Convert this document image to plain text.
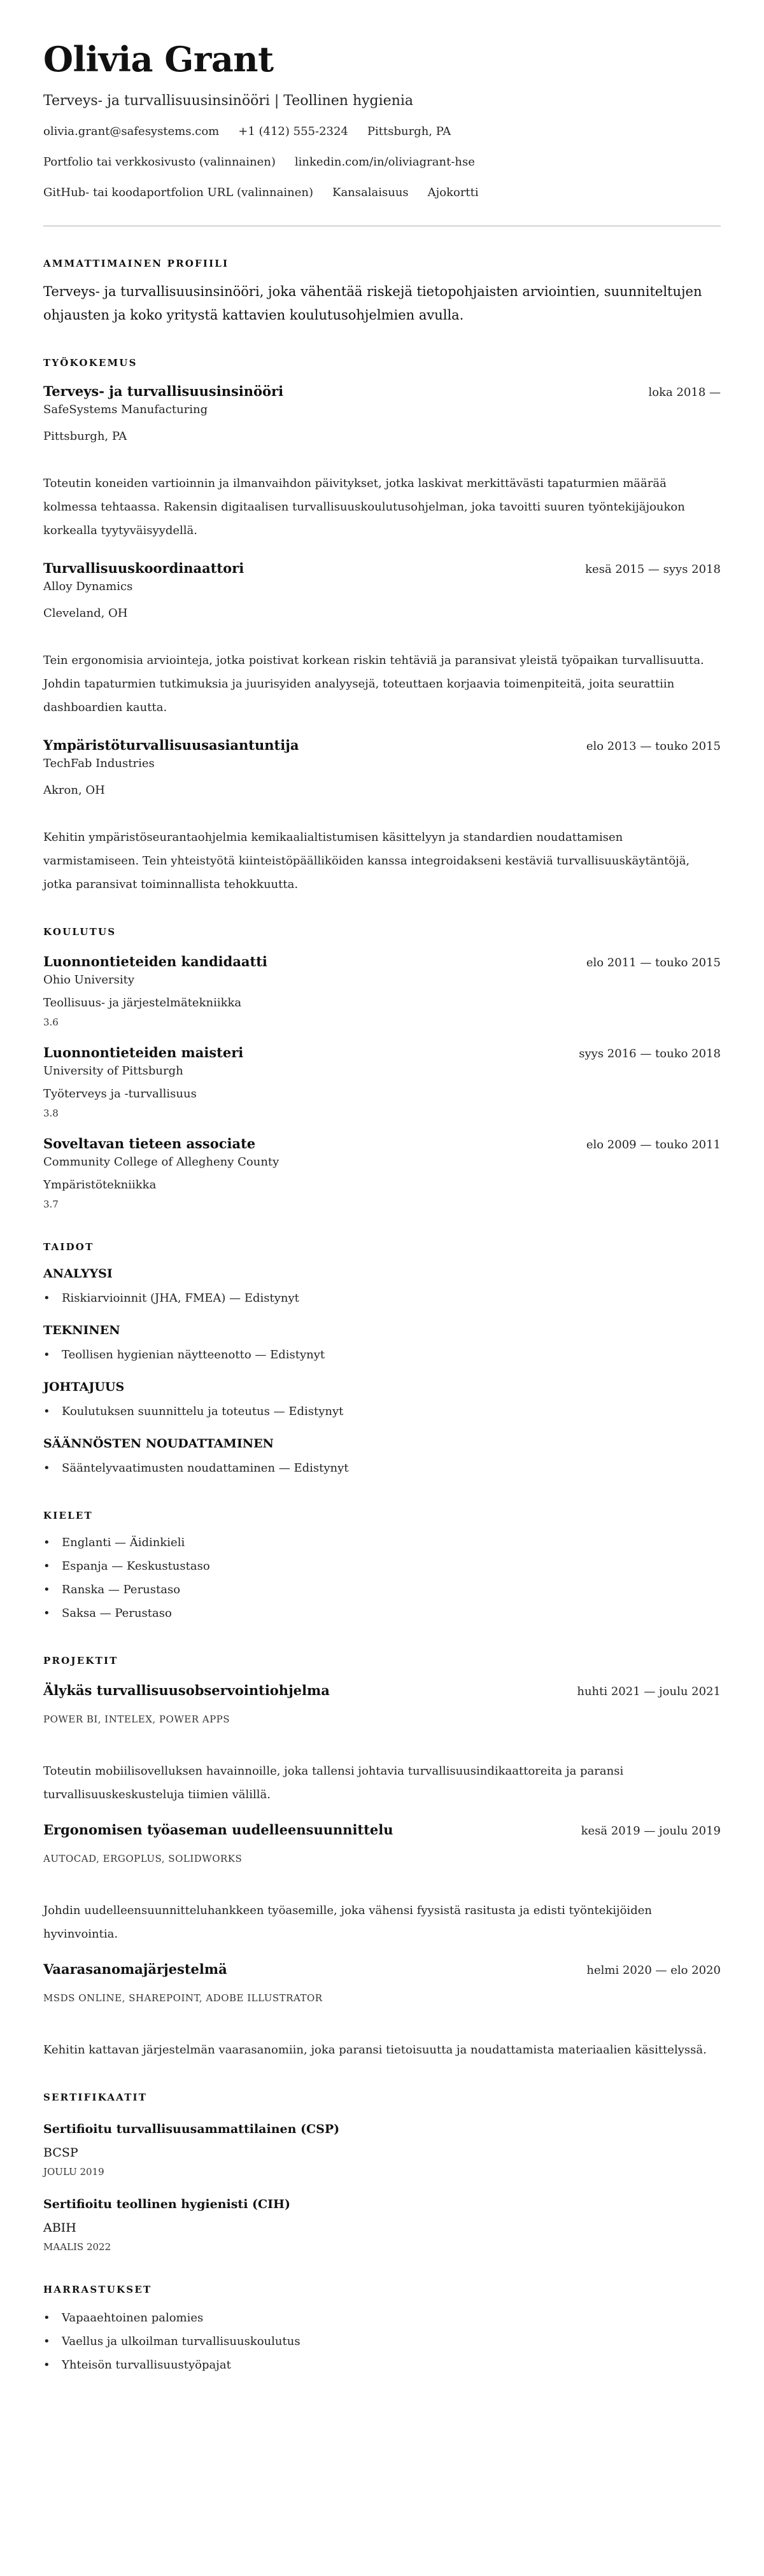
Olivia Grant
Terveys- ja turvallisuusinsinööri | Teollinen hygienia
olivia.grant@safesystems.com +1 (412) 555-2324 Pittsburgh, PA
Portfolio tai verkkosivusto (valinnainen) linkedin.com/in/oliviagrant-hse
GitHub- tai koodaportfolion URL (valinnainen) Kansalaisuus Ajokortti
AMMATTIMAINEN PROFIILI

Terveys- ja turvallisuusinsinööri, joka vähentää riskejä tietopohjaisten arviointien, suunniteltujen ohjausten ja koko yritystä kattavien koulutusohjelmien avulla.

TYÖKOKEMUS
Terveys- ja turvallisuusinsinööri	loka 2018 —
SafeSystems Manufacturing
Pittsburgh, PA

Toteutin koneiden vartioinnin ja ilmanvaihdon päivitykset, jotka laskivat merkittävästi tapaturmien määrää kolmessa tehtaassa. Rakensin digitaalisen turvallisuuskoulutusohjelman, joka tavoitti suuren työntekijäjoukon korkealla tyytyväisyydellä.

Turvallisuuskoordinaattori	kesä 2015 — syys 2018
Alloy Dynamics
Cleveland, OH

Tein ergonomisia arviointeja, jotka poistivat korkean riskin tehtäviä ja paransivat yleistä työpaikan turvallisuutta. Johdin tapaturmien tutkimuksia ja juurisyiden analyysejä, toteuttaen korjaavia toimenpiteitä, joita seurattiin dashboardien kautta.

Ympäristöturvallisuusasiantuntija	elo 2013 — touko 2015
TechFab Industries
Akron, OH

Kehitin ympäristöseurantaohjelmia kemikaalialtistumisen käsittelyyn ja standardien noudattamisen varmistamiseen. Tein yhteistyötä kiinteistöpäälliköiden kanssa integroidakseni kestäviä turvallisuuskäytäntöjä, jotka paransivat toiminnallista tehokkuutta.

KOULUTUS
Luonnontieteiden kandidaatti	elo 2011 — touko 2015
Ohio University
Teollisuus- ja järjestelmätekniikka
3.6
Luonnontieteiden maisteri	syys 2016 — touko 2018
University of Pittsburgh
Työterveys ja -turvallisuus
3.8
Soveltavan tieteen associate	elo 2009 — touko 2011
Community College of Allegheny County
Ympäristötekniikka
3.7
TAIDOT
ANALYYSI
• Riskiarvioinnit (JHA, FMEA) — Edistynyt
TEKNINEN
• Teollisen hygienian näytteenotto — Edistynyt
JOHTAJUUS
• Koulutuksen suunnittelu ja toteutus — Edistynyt
SÄÄNNÖSTEN NOUDATTAMINEN
• Sääntelyvaatimusten noudattaminen — Edistynyt
KIELET
• Englanti — Äidinkieli
• Espanja — Keskustustaso
• Ranska — Perustaso
• Saksa — Perustaso
PROJEKTIT
Älykäs turvallisuusobservointiohjelma	huhti 2021 — joulu 2021
POWER BI, INTELEX, POWER APPS

Toteutin mobiilisovelluksen havainnoille, joka tallensi johtavia turvallisuusindikaattoreita ja paransi turvallisuuskeskusteluja tiimien välillä.

Ergonomisen työaseman uudelleensuunnittelu	kesä 2019 — joulu 2019
AUTOCAD, ERGOPLUS, SOLIDWORKS

Johdin uudelleensuunnitteluhankkeen työasemille, joka vähensi fyysistä rasitusta ja edisti työntekijöiden hyvinvointia.

Vaarasanomajärjestelmä	helmi 2020 — elo 2020
MSDS ONLINE, SHAREPOINT, ADOBE ILLUSTRATOR

Kehitin kattavan järjestelmän vaarasanomiin, joka paransi tietoisuutta ja noudattamista materiaalien käsittelyssä.

SERTIFIKAATIT
Sertifioitu turvallisuusammattilainen (CSP)
BCSP
JOULU 2019
Sertifioitu teollinen hygienisti (CIH)
ABIH
MAALIS 2022
HARRASTUKSET
• Vapaaehtoinen palomies
• Vaellus ja ulkoilman turvallisuuskoulutus
• Yhteisön turvallisuustyöpajat
